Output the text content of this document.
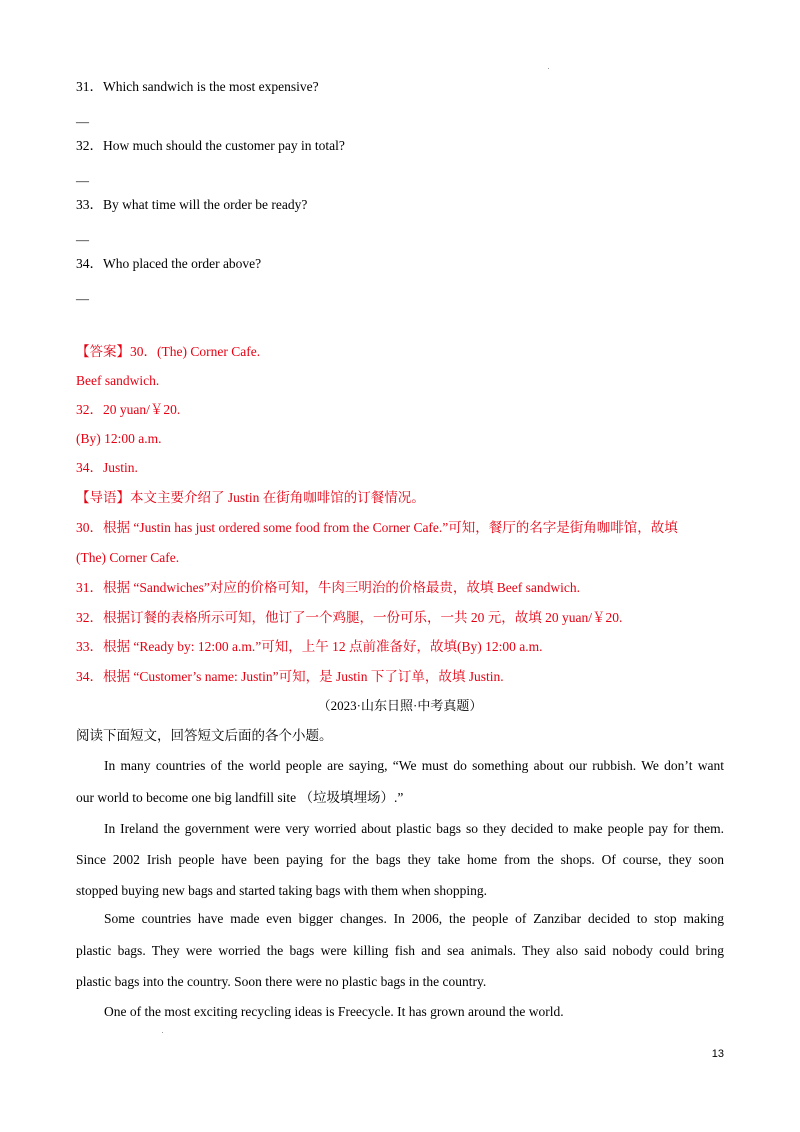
31．Which sandwich is the most expensive?
—
32．How much should the customer pay in total?
—
33．By what time will the order be ready?
—
34．Who placed the order above?
—
【答案】30．(The) Corner Cafe.
Beef sandwich.
32．20 yuan/￥20.
(By) 12:00 a.m.
34．Justin.
【导语】本文主要介绍了 Justin 在街角咖啡馆的订餐情况。
30．根据 “Justin has just ordered some food from the Corner Cafe.”可知，餐厅的名字是街角咖啡馆，故填
(The) Corner Cafe.
31．根据 “Sandwiches”对应的价格可知，牛肉三明治的价格最贵，故填 Beef sandwich.
32．根据订餐的表格所示可知，他订了一个鸡腿，一份可乐，一共 20 元，故填 20 yuan/￥20.
33．根据 “Ready by: 12:00 a.m.”可知，上午 12 点前准备好，故填(By) 12:00 a.m.
34．根据 “Customer’s name: Justin”可知，是 Justin 下了订单，故填 Justin.
（2023·山东日照·中考真题）
阅读下面短文，回答短文后面的各个小题。
In many countries of the world people are saying, “We must do something about our rubbish. We don’t want
our world to become one big landfill site （垃圾填埋场）.”
In Ireland the government were very worried about plastic bags so they decided to make people pay for them.
Since 2002 Irish people have been paying for the bags they take home from the shops. Of course, they soon
stopped buying new bags and started taking bags with them when shopping.
Some countries have made even bigger changes. In 2006, the people of Zanzibar decided to stop making
plastic bags. They were worried the bags were killing fish and sea animals. They also said nobody could bring
plastic bags into the country. Soon there were no plastic bags in the country.
One of the most exciting recycling ideas is Freecycle. It has grown around the world.
13
